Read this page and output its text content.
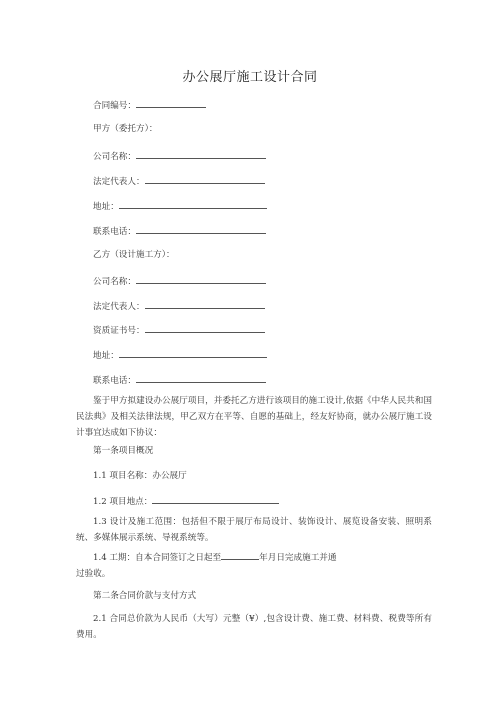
办公展厅施工设计合同
合同编号：
甲方（委托方）：
公司名称：
法定代表人：
地址：
联系电话：
乙方（设计施工方）：
公司名称：
法定代表人：
资质证书号：
地址：
联系电话：
鉴于甲方拟建设办公展厅项目，并委托乙方进行该项目的施工设计,依据《中华人民共和国民法典》及相关法律法规，甲乙双方在平等、自愿的基础上，经友好协商，就办公展厅施工设计事宜达成如下协议：
第一条项目概况
1.1 项目名称：办公展厅
1.2 项目地点：
1.3 设计及施工范围：包括但不限于展厅布局设计、装饰设计、展览设备安装、照明系统、多媒体展示系统、导视系统等。
1.4 工期：自本合同签订之日起至	年月日完成施工并通
过验收。
第二条合同价款与支付方式
2.1 合同总价款为人民币（大写）元整（¥）,包含设计费、施工费、材料费、税费等所有费用。
